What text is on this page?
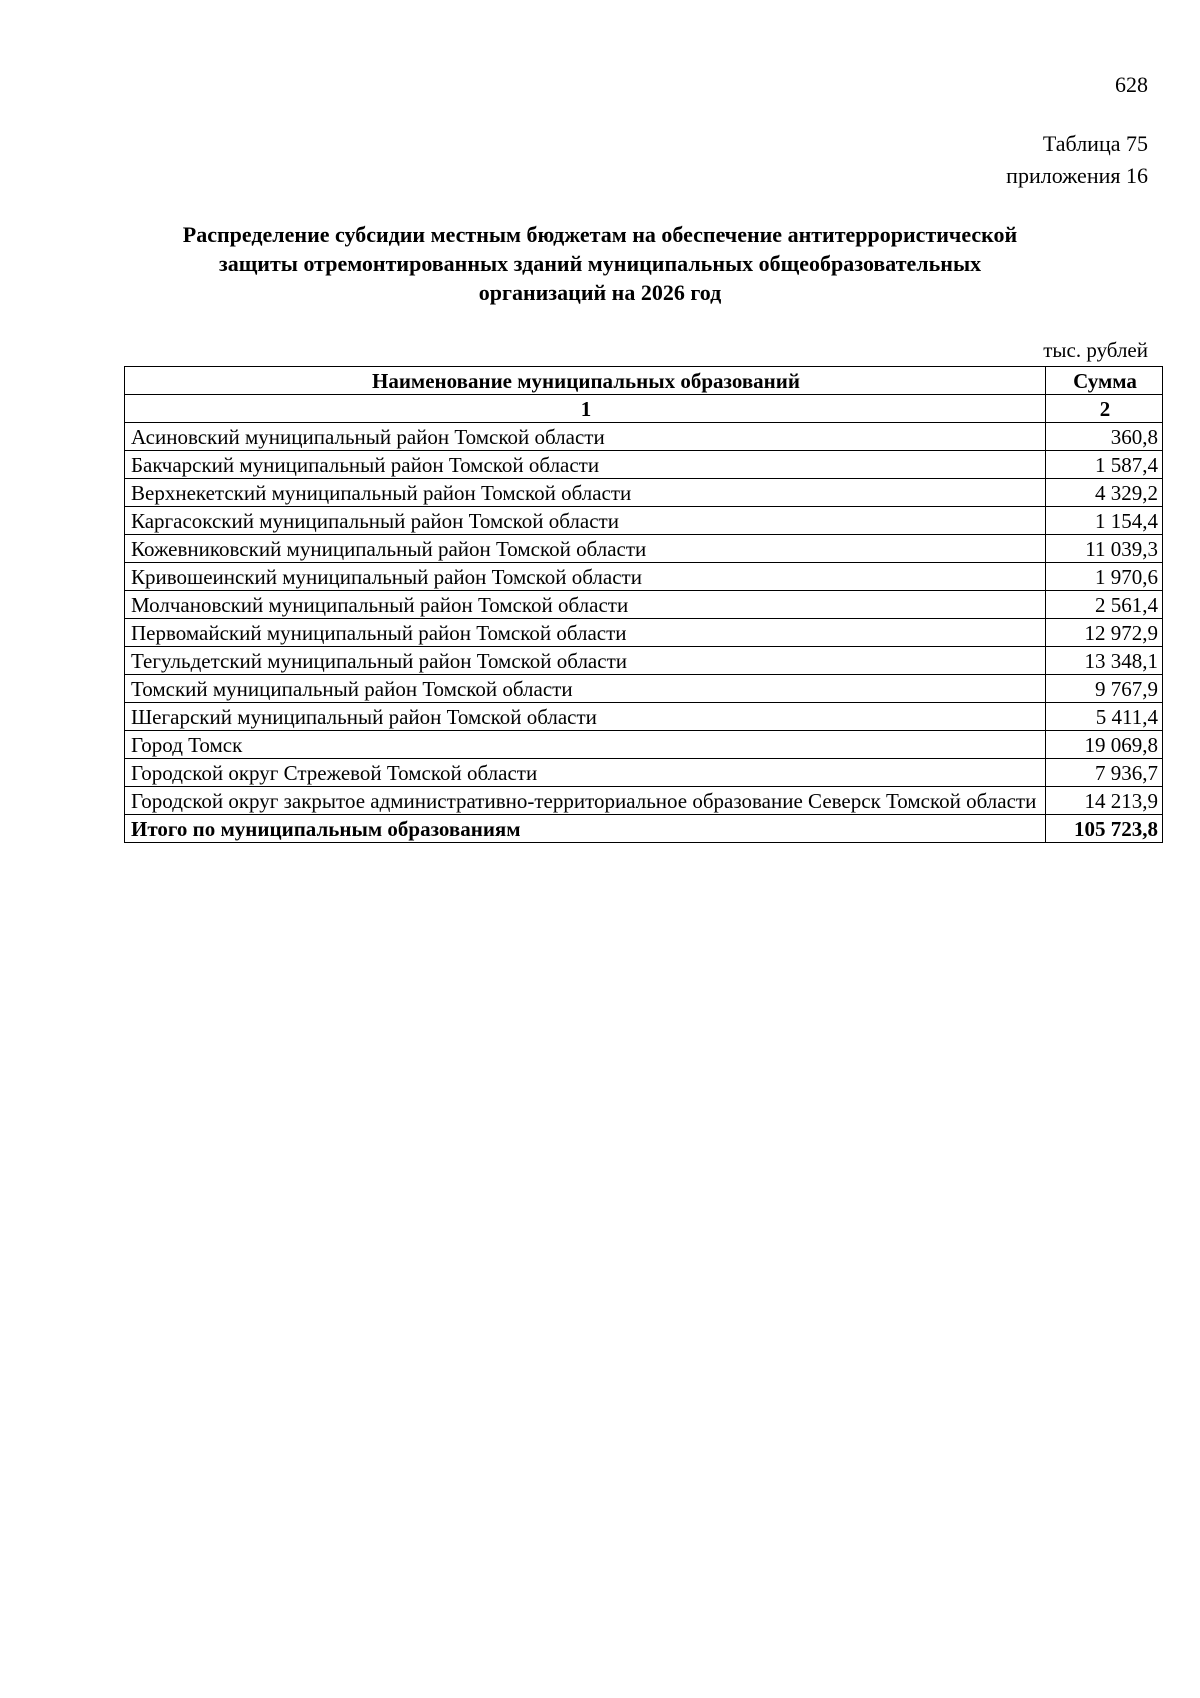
628
Таблица 75
приложения 16
Распределение субсидии местным бюджетам на обеспечение антитеррористической
защиты отремонтированных зданий муниципальных общеобразовательных
организаций на 2026 год
тыс. рублей
Наименование муниципальных образований	Сумма
1	2
Асиновский муниципальный район Томской области	360,8
Бакчарский муниципальный район Томской области	1 587,4
Верхнекетский муниципальный район Томской области	4 329,2
Каргасокский муниципальный район Томской области	1 154,4
Кожевниковский муниципальный район Томской области	11 039,3
Кривошеинский муниципальный район Томской области	1 970,6
Молчановский муниципальный район Томской области	2 561,4
Первомайский муниципальный район Томской области	12 972,9
Тегульдетский муниципальный район Томской области	13 348,1
Томский муниципальный район Томской области	9 767,9
Шегарский муниципальный район Томской области	5 411,4
Город Томск	19 069,8
Городской округ Стрежевой Томской области	7 936,7
Городской округ закрытое административно-территориальное образование Северск Томской области	14 213,9
Итого по муниципальным образованиям	105 723,8
